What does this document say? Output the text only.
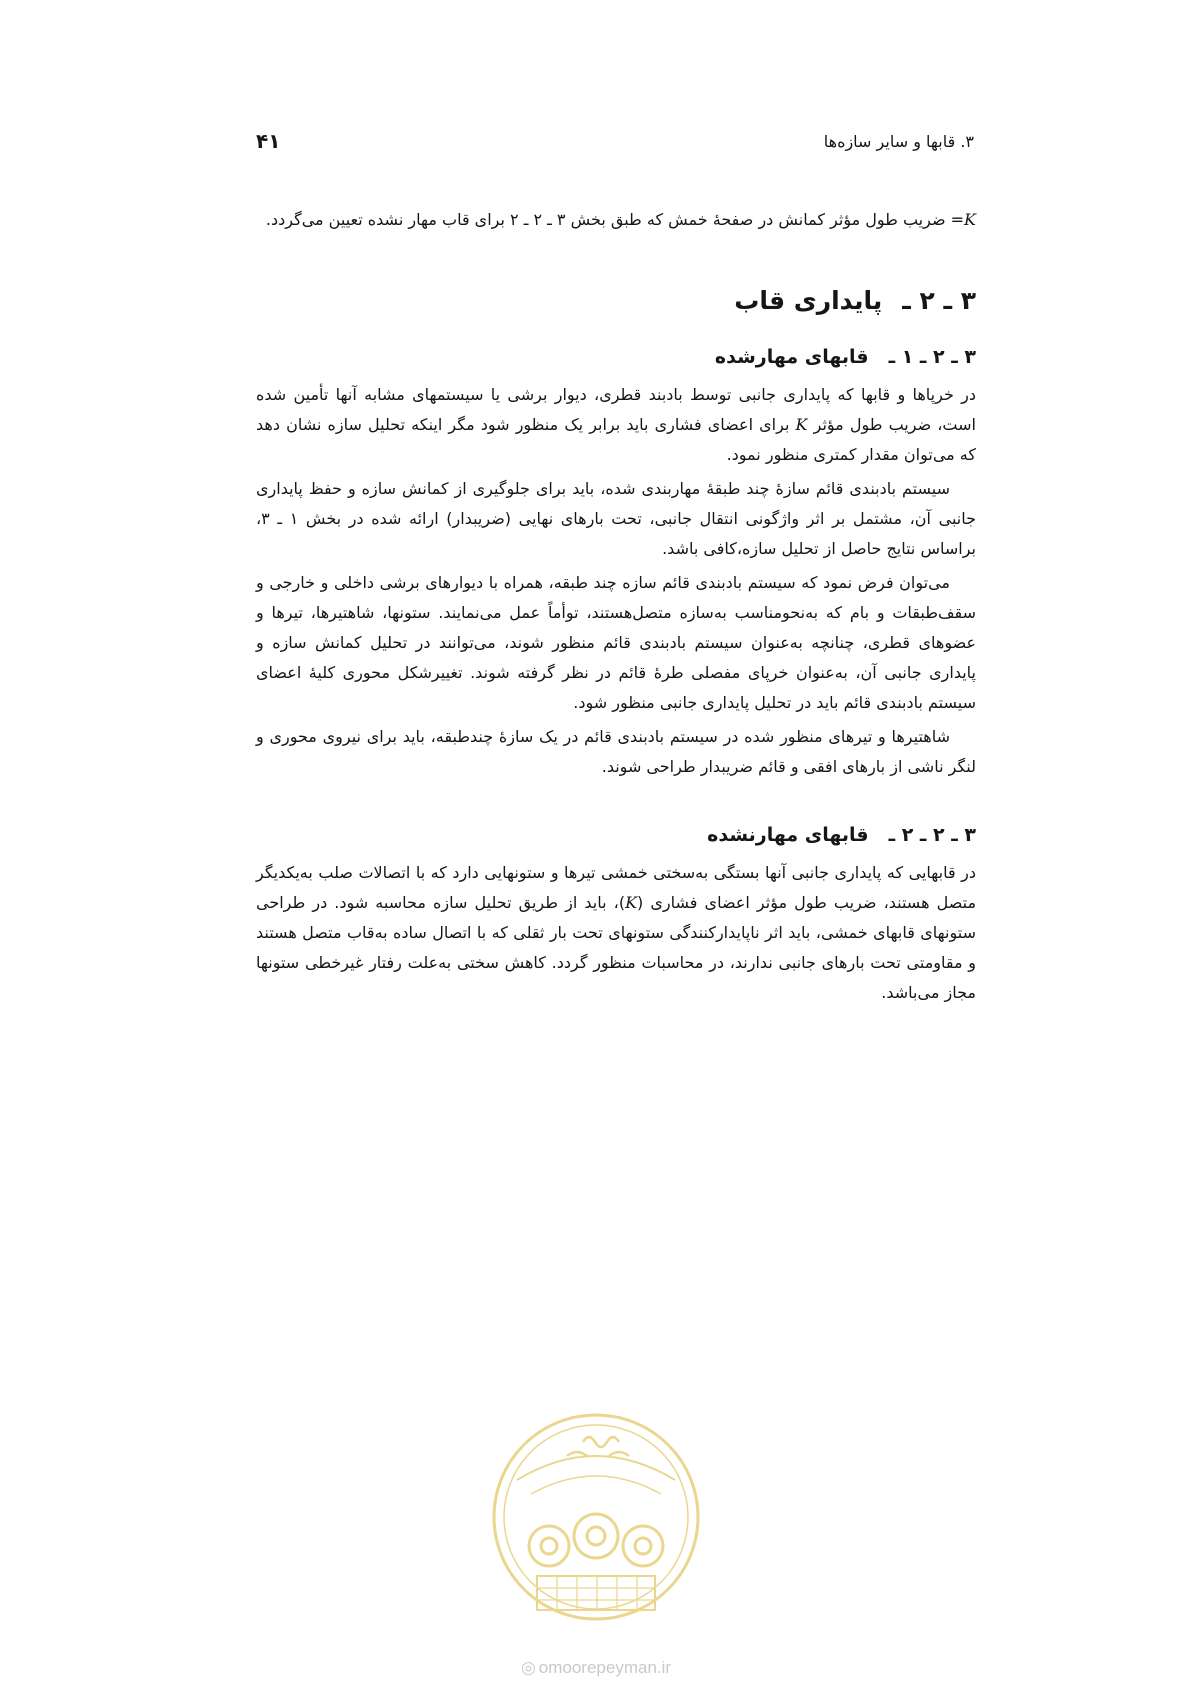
۳. قابها و سایر سازه‌ها
۴۱

K= ضریب طول مؤثر کمانش در صفحهٔ خمش که طبق بخش ۳ ـ ۲ ـ ۲ برای قاب مهار نشده تعیین می‌گردد.

۳ ـ ۲ ـپایداری قاب
۳ ـ ۲ ـ ۱ ـقابهای مهارشده

در خرپاها و قابها که پایداری جانبی توسط بادبند قطری، دیوار برشی یا سیستمهای مشابه آنها تأمین شده است، ضریب طول مؤثر K برای اعضای فشاری باید برابر یک منظور شود مگر اینکه تحلیل سازه نشان دهد که می‌توان مقدار کمتری منظور نمود.

سیستم بادبندی قائم سازهٔ چند طبقهٔ مهاربندی شده، باید برای جلوگیری از کمانش سازه و حفظ پایداری جانبی آن، مشتمل بر اثر واژگونی انتقال جانبی، تحت بارهای نهایی (ضریبدار) ارائه شده در بخش ۱ ـ ۳، براساس نتایج حاصل از تحلیل سازه،کافی باشد.

می‌توان فرض نمود که سیستم بادبندی قائم سازه چند طبقه، همراه با دیوارهای برشی داخلی و خارجی و سقف‌طبقات و بام که به‌نحومناسب به‌سازه متصل‌هستند، توأماً عمل می‌نمایند. ستونها، شاهتیرها، تیرها و عضوهای قطری، چنانچه به‌عنوان سیستم بادبندی قائم منظور شوند، می‌توانند در تحلیل کمانش سازه و پایداری جانبی آن، به‌عنوان خرپای مفصلی طرهٔ قائم در نظر گرفته شوند. تغییرشکل محوری کلیهٔ اعضای سیستم بادبندی قائم باید در تحلیل پایداری جانبی منظور شود.

شاهتیرها و تیرهای منظور شده در سیستم بادبندی قائم در یک سازهٔ چندطبقه، باید برای نیروی محوری و لنگر ناشی از بارهای افقی و قائم ضریبدار طراحی شوند.

۳ ـ ۲ ـ ۲ ـقابهای مهارنشده

در قابهایی که پایداری جانبی آنها بستگی به‌سختی خمشی تیرها و ستونهایی دارد که با اتصالات صلب به‌یکدیگر متصل هستند، ضریب طول مؤثر اعضای فشاری (K)، باید از طریق تحلیل سازه محاسبه شود. در طراحی ستونهای قابهای خمشی، باید اثر ناپایدارکنندگی ستونهای تحت بار ثقلی که با اتصال ساده به‌قاب متصل هستند و مقاومتی تحت بارهای جانبی ندارند، در محاسبات منظور گردد. کاهش سختی به‌علت رفتار غیرخطی ستونها مجاز می‌باشد.

◎ omoorepeyman.ir
